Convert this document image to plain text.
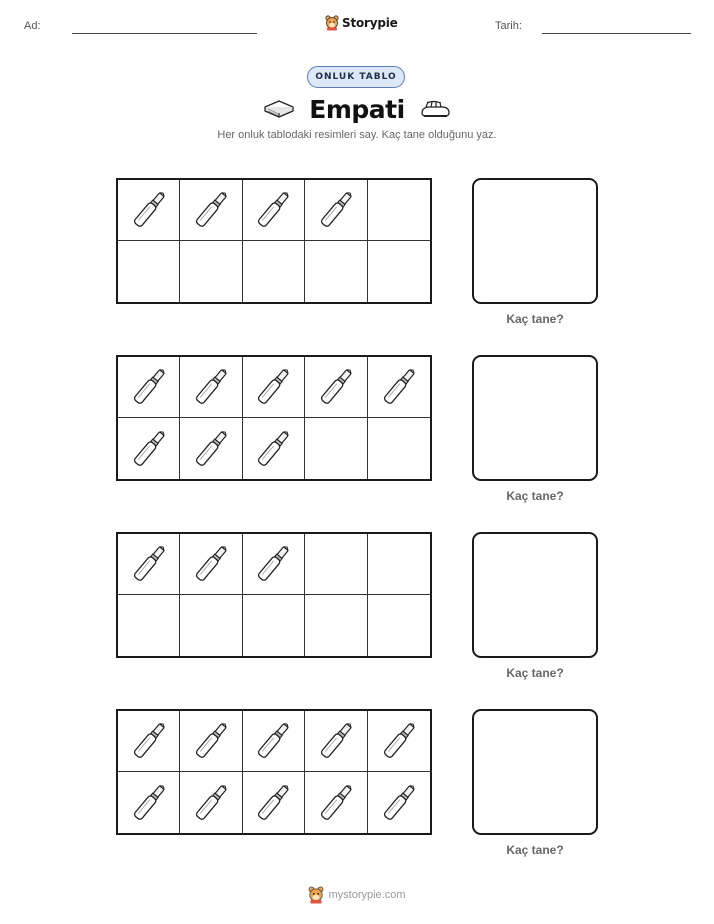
Ad:	Storypie	Tarih:
ONLUK TABLO
Empati
Her onluk tablodaki resimleri say. Kaç tane olduğunu yaz.
Kaç tane?
Kaç tane?
Kaç tane?
Kaç tane?
mystorypie.com
